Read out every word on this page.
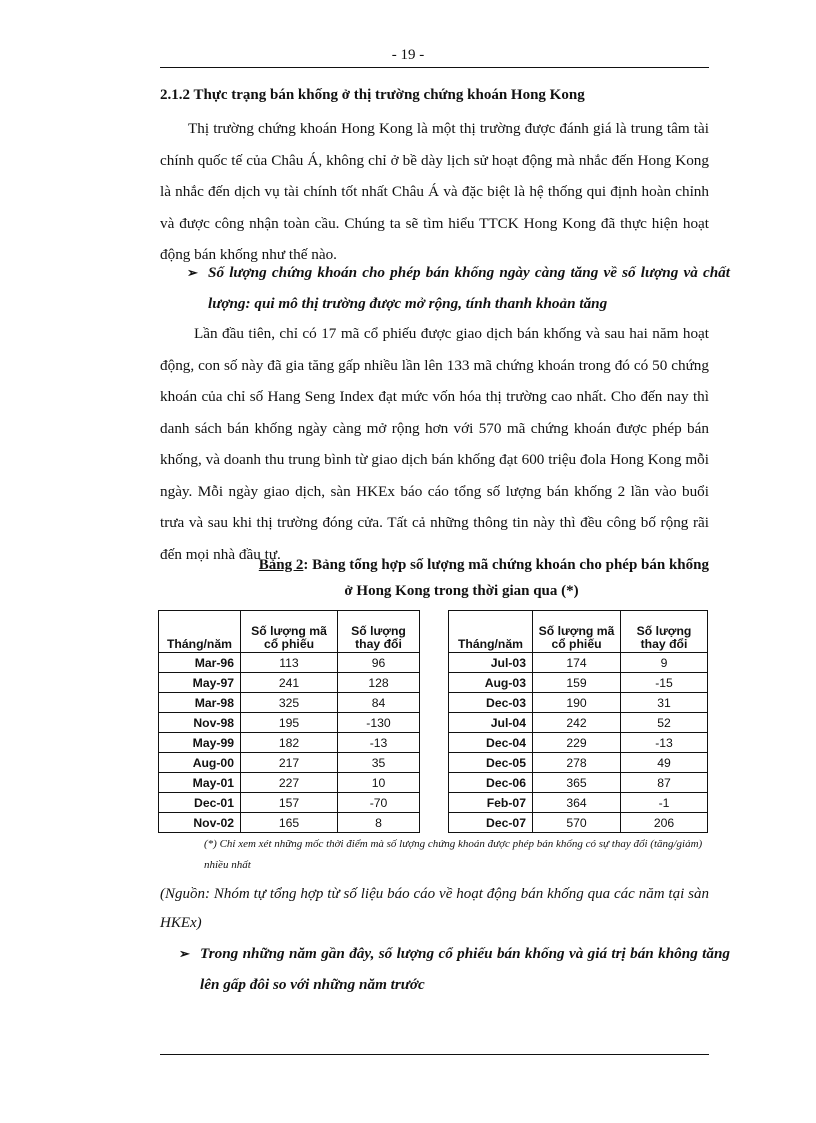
- 19 -
2.1.2 Thực trạng bán khống ở thị trường chứng khoán Hong Kong

Thị trường chứng khoán Hong Kong là một thị trường được đánh giá là trung tâm tài chính quốc tế của Châu Á, không chỉ ở bề dày lịch sử hoạt động mà nhắc đến Hong Kong là nhắc đến dịch vụ tài chính tốt nhất Châu Á và đặc biệt là hệ thống qui định hoàn chỉnh và được công nhận toàn cầu. Chúng ta sẽ tìm hiểu TTCK Hong Kong đã thực hiện hoạt động bán khống như thế nào.

➢ Số lượng chứng khoán cho phép bán khống ngày càng tăng về số lượng và chất lượng: qui mô thị trường được mở rộng, tính thanh khoản tăng

Lần đầu tiên, chỉ có 17 mã cổ phiếu được giao dịch bán khống và sau hai năm hoạt động, con số này đã gia tăng gấp nhiều lần lên 133 mã chứng khoán trong đó có 50 chứng khoán của chỉ số Hang Seng Index đạt mức vốn hóa thị trường cao nhất. Cho đến nay thì danh sách bán khống ngày càng mở rộng hơn với 570 mã chứng khoán được phép bán khống, và doanh thu trung bình từ giao dịch bán khống đạt 600 triệu đola Hong Kong mỗi ngày. Mỗi ngày giao dịch, sàn HKEx báo cáo tổng số lượng bán khống 2 lần vào buổi trưa và sau khi thị trường đóng cửa. Tất cả những thông tin này thì đều công bố rộng rãi đến mọi nhà đầu tư.

Bảng 2: Bảng tổng hợp số lượng mã chứng khoán cho phép bán khống
ở Hong Kong trong thời gian qua (*)
Tháng/năm	Số lượng mã cổ phiếu	Số lượng thay đổi
Mar-96	113	96
May-97	241	128
Mar-98	325	84
Nov-98	195	-130
May-99	182	-13
Aug-00	217	35
May-01	227	10
Dec-01	157	-70
Nov-02	165	8
Tháng/năm	Số lượng mã cổ phiếu	Số lượng thay đổi
Jul-03	174	9
Aug-03	159	-15
Dec-03	190	31
Jul-04	242	52
Dec-04	229	-13
Dec-05	278	49
Dec-06	365	87
Feb-07	364	-1
Dec-07	570	206

(*) Chỉ xem xét những mốc thời điểm mà số lượng chứng khoán được phép bán khống có sự thay đổi (tăng/giảm) nhiều nhất

(Nguồn: Nhóm tự tổng hợp từ số liệu báo cáo về hoạt động bán khống qua các năm tại sàn HKEx)

➢ Trong những năm gần đây, số lượng cổ phiếu bán khống và giá trị bán không tăng lên gấp đôi so với những năm trước
